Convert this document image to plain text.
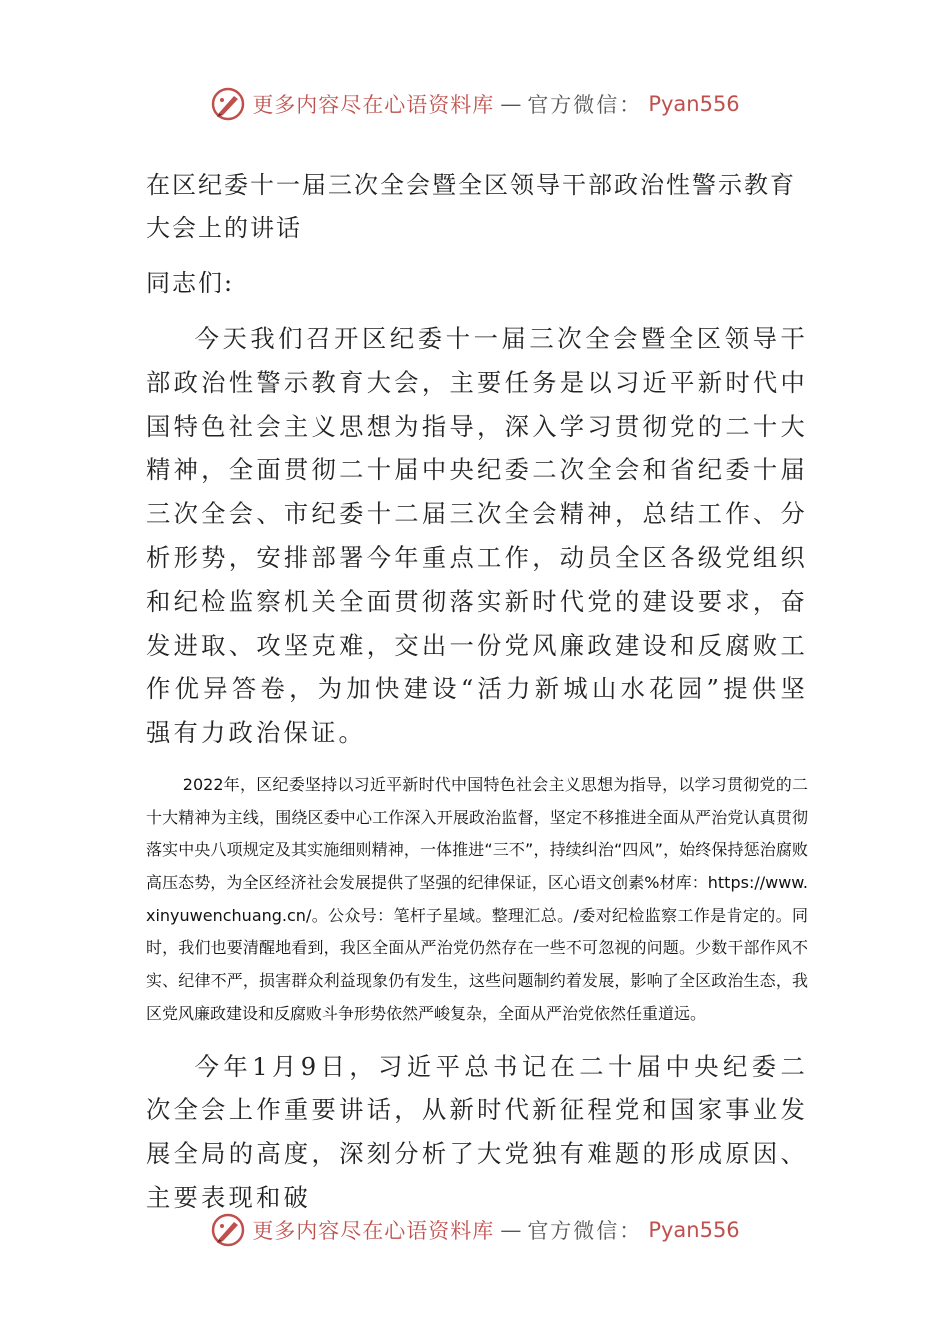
更多内容尽在心语资料库 — 官方微信： Pyan556
在区纪委十一届三次全会暨全区领导干部政治性警示教育
大会上的讲话

同志们:

今天我们召开区纪委十一届三次全会暨全区领导干部政治性警示教育大会，主要任务是以习近平新时代中国特色社会主义思想为指导，深入学习贯彻党的二十大精神，全面贯彻二十届中央纪委二次全会和省纪委十届三次全会、市纪委十二届三次全会精神，总结工作、分析形势，安排部署今年重点工作，动员全区各级党组织和纪检监察机关全面贯彻落实新时代党的建设要求，奋发进取、攻坚克难，交出一份党风廉政建设和反腐败工作优异答卷，为加快建设“活力新城山水花园”提供坚强有力政治保证。

2022年，区纪委坚持以习近平新时代中国特色社会主义思想为指导，以学习贯彻党的二十大精神为主线，围绕区委中心工作深入开展政治监督，坚定不移推进全面从严治党认真贯彻落实中央八项规定及其实施细则精神，一体推进“三不”，持续纠治“四风”，始终保持惩治腐败高压态势，为全区经济社会发展提供了坚强的纪律保证，区心语文创素%材库：https://www.xinyuwenchuang.cn/。公众号：笔杆子星域。整理汇总。/委对纪检监察工作是肯定的。同时，我们也要清醒地看到，我区全面从严治党仍然存在一些不可忽视的问题。少数干部作风不实、纪律不严，损害群众利益现象仍有发生，这些问题制约着发展，影响了全区政治生态，我区党风廉政建设和反腐败斗争形势依然严峻复杂，全面从严治党依然任重道远。

今年1月9日，习近平总书记在二十届中央纪委二次全会上作重要讲话，从新时代新征程党和国家事业发展全局的高度，深刻分析了大党独有难题的形成原因、主要表现和破

更多内容尽在心语资料库 — 官方微信： Pyan556
